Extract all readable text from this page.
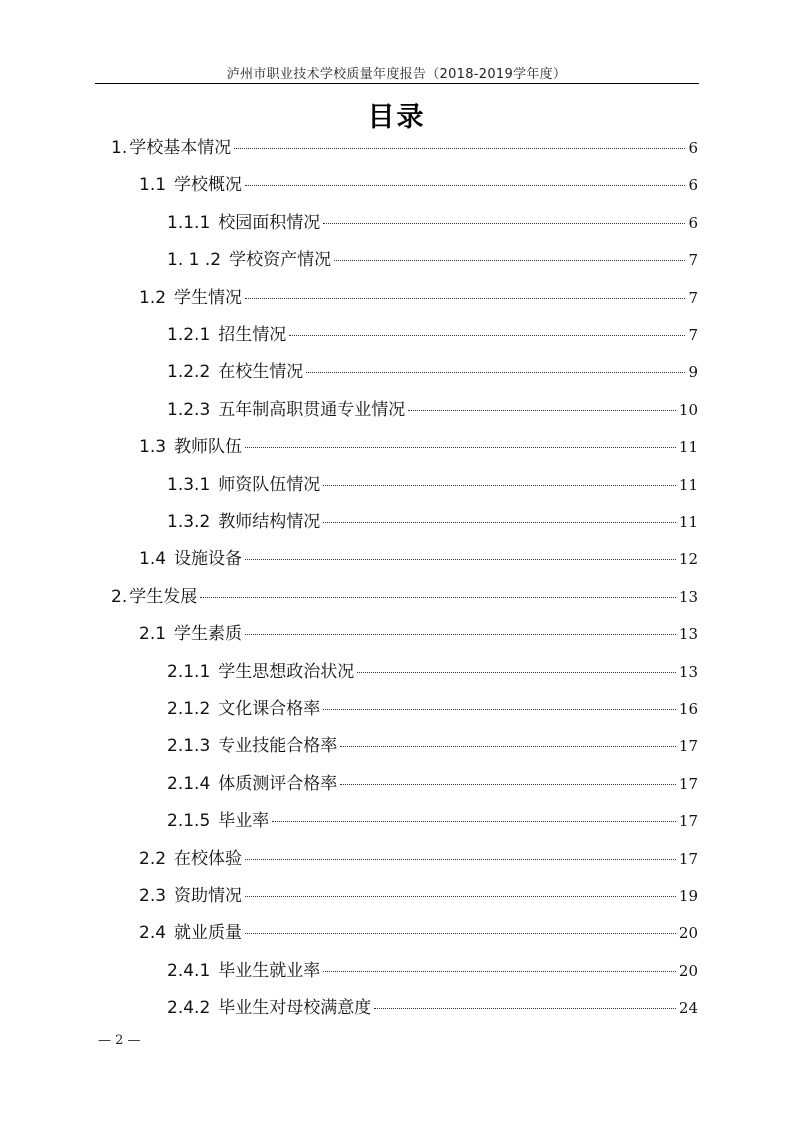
泸州市职业技术学校质量年度报告（2018-2019学年度）
目录
1. 学校基本情况	6
1.1 学校概况	6
1.1.1 校园面积情况	6
1. 1 .2 学校资产情况	7
1.2 学生情况	7
1.2.1 招生情况	7
1.2.2 在校生情况	9
1.2.3 五年制高职贯通专业情况	10
1.3 教师队伍	11
1.3.1 师资队伍情况	11
1.3.2 教师结构情况	11
1.4 设施设备	12
2. 学生发展	13
2.1 学生素质	13
2.1.1 学生思想政治状况	13
2.1.2 文化课合格率	16
2.1.3 专业技能合格率	17
2.1.4 体质测评合格率	17
2.1.5 毕业率	17
2.2 在校体验	17
2.3 资助情况	19
2.4 就业质量	20
2.4.1 毕业生就业率	20
2.4.2 毕业生对母校满意度	24
— 2 —
